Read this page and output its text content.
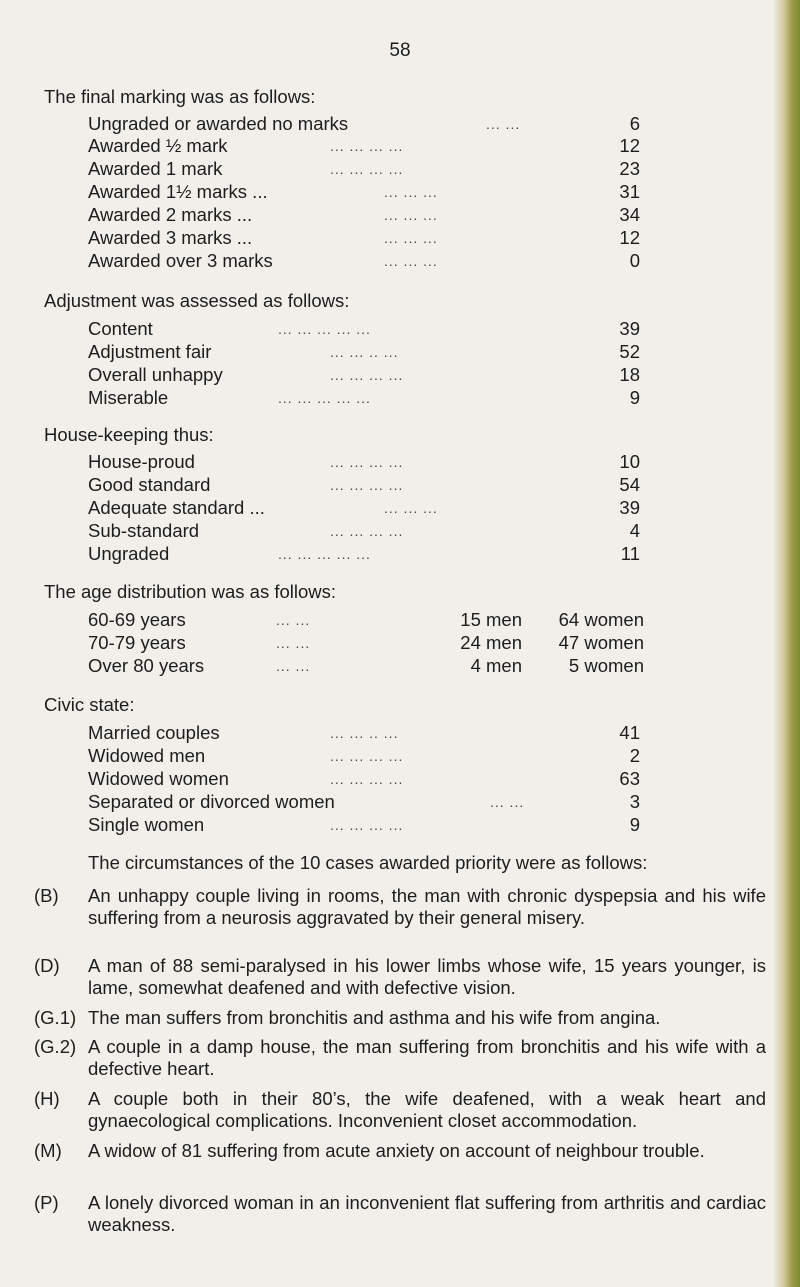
58
The final marking was as follows:
Ungraded or awarded no marks	... ...	6
Awarded ½ mark	... ... ... ...	12
Awarded 1 mark	... ... ... ...	23
Awarded 1½ marks ...	... ... ...	31
Awarded 2 marks ...	... ... ...	34
Awarded 3 marks ...	... ... ...	12
Awarded over 3 marks	... ... ...	0
Adjustment was assessed as follows:
Content	... ... ... ... ...	39
Adjustment fair	... ... .. ...	52
Overall unhappy	... ... ... ...	18
Miserable	... ... ... ... ...	9
House-keeping thus:
House-proud	... ... ... ...	10
Good standard	... ... ... ...	54
Adequate standard ...	... ... ...	39
Sub-standard	... ... ... ...	4
Ungraded	... ... ... ... ...	11
The age distribution was as follows:
60-69 years	... ...	15 men	64 women
70-79 years	... ...	24 men	47 women
Over 80 years	... ...	4 men	5 women
Civic state:
Married couples	... ... .. ...	41
Widowed men	... ... ... ...	2
Widowed women	... ... ... ...	63
Separated or divorced women	... ...	3
Single women	... ... ... ...	9
The circumstances of the 10 cases awarded priority were as follows:
(B) An unhappy couple living in rooms, the man with chronic dyspepsia and his wife suffering from a neurosis aggravated by their general misery.
(D) A man of 88 semi-paralysed in his lower limbs whose wife, 15 years younger, is lame, somewhat deafened and with defective vision.
(G.1) The man suffers from bronchitis and asthma and his wife from angina.
(G.2) A couple in a damp house, the man suffering from bronchitis and his wife with a defective heart.
(H) A couple both in their 80’s, the wife deafened, with a weak heart and gynaecological complications. Inconvenient closet accommodation.
(M) A widow of 81 suffering from acute anxiety on account of neighbour trouble.
(P) A lonely divorced woman in an inconvenient flat suffering from arthritis and cardiac weakness.
